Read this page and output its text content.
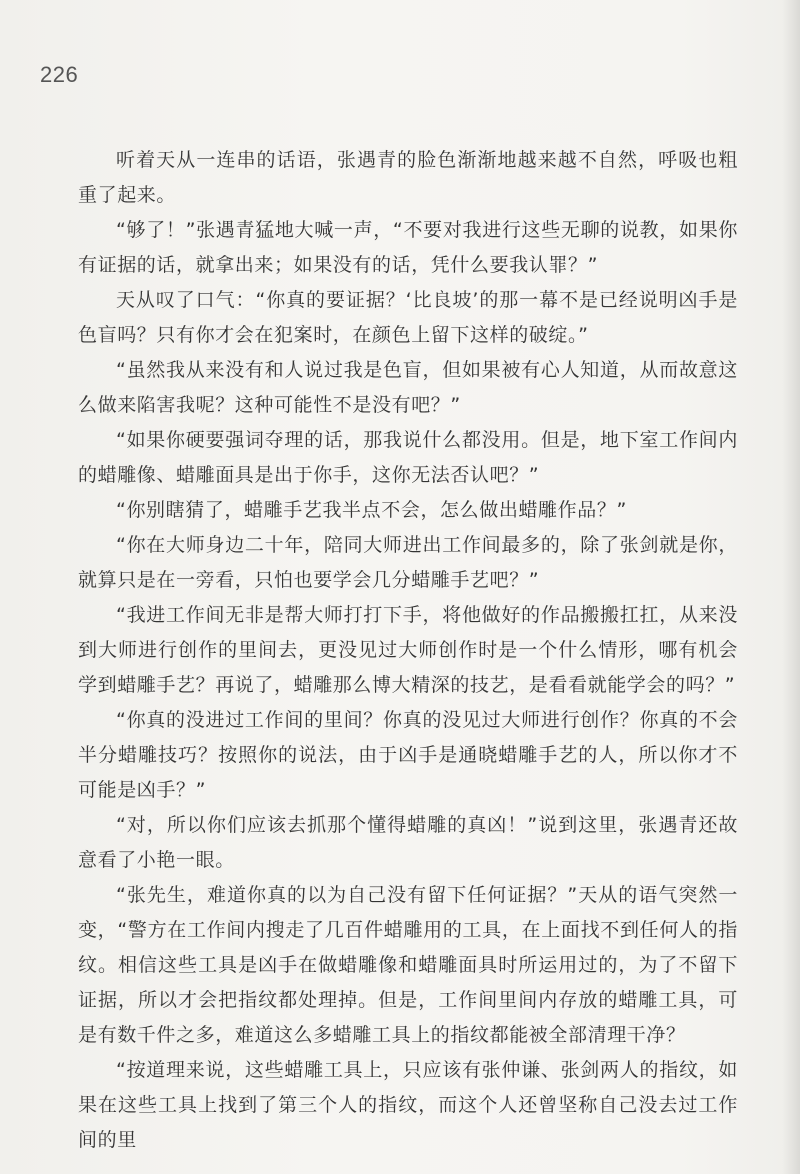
226

听着天从一连串的话语，张遇青的脸色渐渐地越来越不自然，呼吸也粗重了起来。

“够了！”张遇青猛地大喊一声，“不要对我进行这些无聊的说教，如果你有证据的话，就拿出来；如果没有的话，凭什么要我认罪？”

天从叹了口气：“你真的要证据？‘比良坡’的那一幕不是已经说明凶手是色盲吗？只有你才会在犯案时，在颜色上留下这样的破绽。”

“虽然我从来没有和人说过我是色盲，但如果被有心人知道，从而故意这么做来陷害我呢？这种可能性不是没有吧？”

“如果你硬要强词夺理的话，那我说什么都没用。但是，地下室工作间内的蜡雕像、蜡雕面具是出于你手，这你无法否认吧？”

“你别瞎猜了，蜡雕手艺我半点不会，怎么做出蜡雕作品？”

“你在大师身边二十年，陪同大师进出工作间最多的，除了张剑就是你，就算只是在一旁看，只怕也要学会几分蜡雕手艺吧？”

“我进工作间无非是帮大师打打下手，将他做好的作品搬搬扛扛，从来没到大师进行创作的里间去，更没见过大师创作时是一个什么情形，哪有机会学到蜡雕手艺？再说了，蜡雕那么博大精深的技艺，是看看就能学会的吗？”

“你真的没进过工作间的里间？你真的没见过大师进行创作？你真的不会半分蜡雕技巧？按照你的说法，由于凶手是通晓蜡雕手艺的人，所以你才不可能是凶手？”

“对，所以你们应该去抓那个懂得蜡雕的真凶！”说到这里，张遇青还故意看了小艳一眼。

“张先生，难道你真的以为自己没有留下任何证据？”天从的语气突然一变，“警方在工作间内搜走了几百件蜡雕用的工具，在上面找不到任何人的指纹。相信这些工具是凶手在做蜡雕像和蜡雕面具时所运用过的，为了不留下证据，所以才会把指纹都处理掉。但是，工作间里间内存放的蜡雕工具，可是有数千件之多，难道这么多蜡雕工具上的指纹都能被全部清理干净？

“按道理来说，这些蜡雕工具上，只应该有张仲谦、张剑两人的指纹，如果在这些工具上找到了第三个人的指纹，而这个人还曾坚称自己没去过工作间的里
